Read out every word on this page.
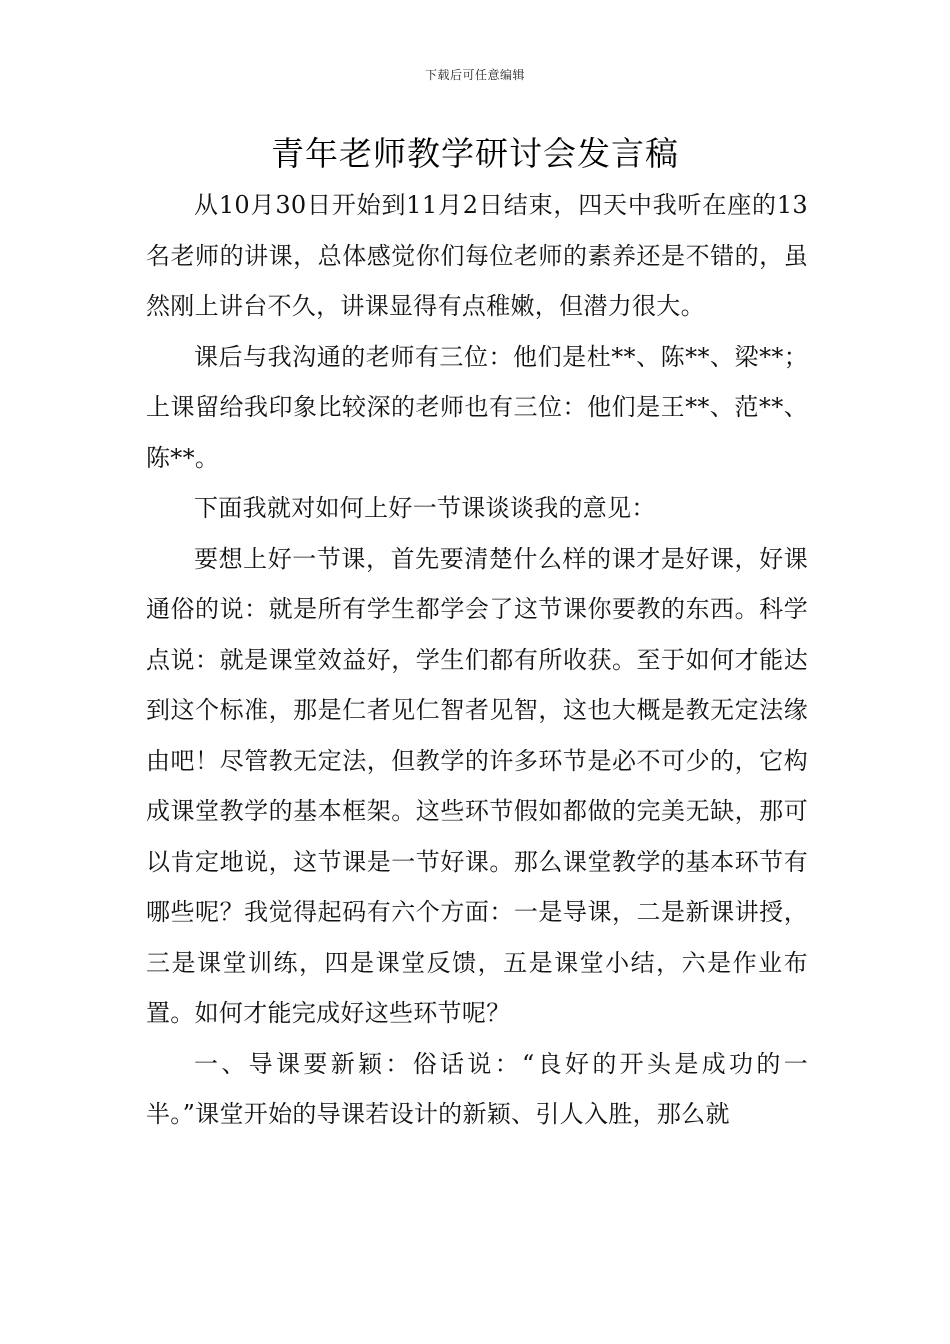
下载后可任意编辑
青年老师教学研讨会发言稿

从10月30日开始到11月2日结束，四天中我听在座的13名老师的讲课，总体感觉你们每位老师的素养还是不错的，虽然刚上讲台不久，讲课显得有点稚嫩，但潜力很大。

课后与我沟通的老师有三位：他们是杜**、陈**、梁**；上课留给我印象比较深的老师也有三位：他们是王**、范**、陈**。

下面我就对如何上好一节课谈谈我的意见：

要想上好一节课，首先要清楚什么样的课才是好课，好课通俗的说：就是所有学生都学会了这节课你要教的东西。科学点说：就是课堂效益好，学生们都有所收获。至于如何才能达到这个标准，那是仁者见仁智者见智，这也大概是教无定法缘由吧！尽管教无定法，但教学的许多环节是必不可少的，它构成课堂教学的基本框架。这些环节假如都做的完美无缺，那可以肯定地说，这节课是一节好课。那么课堂教学的基本环节有哪些呢？我觉得起码有六个方面：一是导课，二是新课讲授，三是课堂训练，四是课堂反馈，五是课堂小结，六是作业布置。如何才能完成好这些环节呢？

一、导课要新颖：俗话说：“良好的开头是成功的一半。”课堂开始的导课若设计的新颖、引人入胜，那么就
